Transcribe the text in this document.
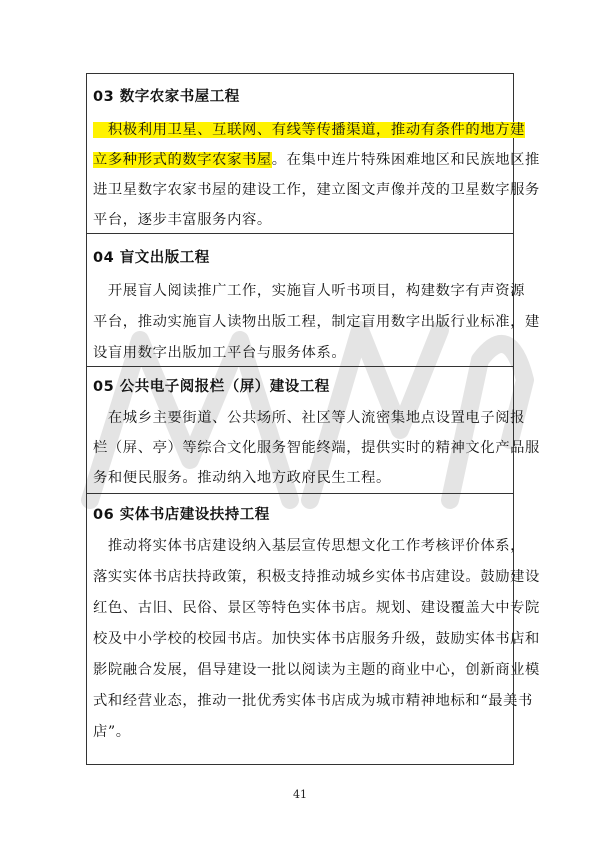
03 数字农家书屋工程
　积极利用卫星、互联网、有线等传播渠道，推动有条件的地方建
立多种形式的数字农家书屋。在集中连片特殊困难地区和民族地区推
进卫星数字农家书屋的建设工作，建立图文声像并茂的卫星数字服务
平台，逐步丰富服务内容。
04 盲文出版工程
　开展盲人阅读推广工作，实施盲人听书项目，构建数字有声资源
平台，推动实施盲人读物出版工程，制定盲用数字出版行业标准，建
设盲用数字出版加工平台与服务体系。
05 公共电子阅报栏（屏）建设工程
　在城乡主要街道、公共场所、社区等人流密集地点设置电子阅报
栏（屏、亭）等综合文化服务智能终端，提供实时的精神文化产品服
务和便民服务。推动纳入地方政府民生工程。
06 实体书店建设扶持工程
　推动将实体书店建设纳入基层宣传思想文化工作考核评价体系，
落实实体书店扶持政策，积极支持推动城乡实体书店建设。鼓励建设
红色、古旧、民俗、景区等特色实体书店。规划、建设覆盖大中专院
校及中小学校的校园书店。加快实体书店服务升级，鼓励实体书店和
影院融合发展，倡导建设一批以阅读为主题的商业中心，创新商业模
式和经营业态，推动一批优秀实体书店成为城市精神地标和“最美书
店”。
41
